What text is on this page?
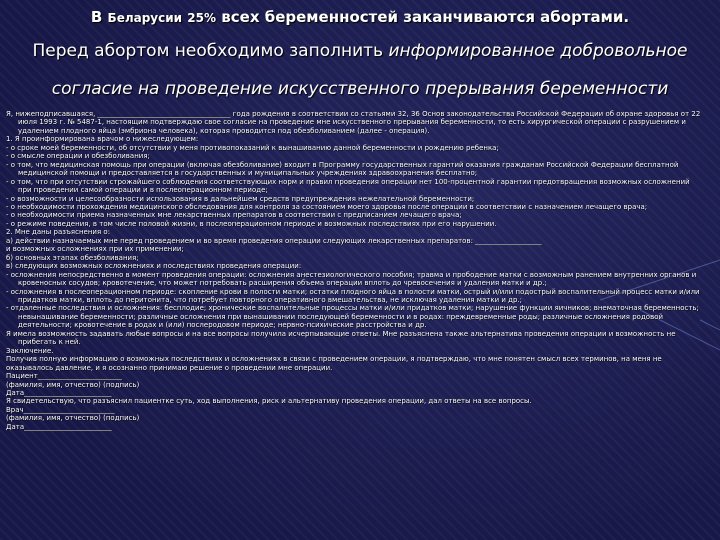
В Беларусии 25% всех беременностей заканчиваются абортами.
Перед абортом необходимо заполнить информированное добровольное согласие на проведение искусственного прерывания беременности

Я, нижеподписавшаяся, ______________________________________ года рождения в соответствии со статьями 32, 36 Основ законодательства Российской Федерации об охране здоровья от 22 июля 1993 г. № 5487-1, настоящим подтверждаю свое согласие на проведение мне искусственного прерывания беременности, то есть хирургической операции с разрушением и удалением плодного яйца (эмбриона человека), которая проводится под обезболиванием (далее - операция).

1. Я проинформирована врачом о нижеследующем:

- о сроке моей беременности, об отсутствии у меня противопоказаний к вынашиванию данной беременности и рождению ребенка;

- о смысле операции и обезболивания;

- о том, что медицинская помощь при операции (включая обезболивание) входит в Программу государственных гарантий оказания гражданам Российской Федерации бесплатной медицинской помощи и предоставляется в государственных и муниципальных учреждениях здравоохранения бесплатно;

- о том, что при отсутствии строжайшего соблюдения соответствующих норм и правил проведения операции нет 100-процентной гарантии предотвращения возможных осложнений при проведении самой операции и в послеоперационном периоде;

- о возможности и целесообразности использования в дальнейшем средств предупреждения нежелательной беременности;

- о необходимости прохождения медицинского обследования для контроля за состоянием моего здоровья после операции в соответствии с назначением лечащего врача;

- о необходимости приема назначенных мне лекарственных препаратов в соответствии с предписанием лечащего врача;

- о режиме поведения, в том числе половой жизни, в послеоперационном периоде и возможных последствиях при его нарушении.

2. Мне даны разъяснения о:

а) действии назначаемых мне перед проведением и во время проведения операции следующих лекарственных препаратов: ___________________

и возможных осложнениях при их применении;

б) основных этапах обезболивания;

в) следующих возможных осложнениях и последствиях проведения операции:

- осложнения непосредственно в момент проведения операции: осложнения анестезиологического пособия; травма и прободение матки с возможным ранением внутренних органов и кровеносных сосудов; кровотечение, что может потребовать расширения объема операции вплоть до чревосечения и удаления матки и др.;

- осложнения в послеоперационном периоде: скопление крови в полости матки; остатки плодного яйца в полости матки, острый и/или подострый воспалительный процесс матки и/или придатков матки, вплоть до перитонита, что потребует повторного оперативного вмешательства, не исключая удаления матки и др.;

- отдаленные последствия и осложнения: бесплодие; хронические воспалительные процессы матки и/или придатков матки; нарушение функции яичников; внематочная беременность; невынашивание беременности; различные осложнения при вынашивании последующей беременности и в родах: преждевременные роды; различные осложнения родовой деятельности; кровотечение в родах и (или) послеродовом периоде; нервно-психические расстройства и др.

Я имела возможность задавать любые вопросы и на все вопросы получила исчерпывающие ответы. Мне разъяснена также альтернатива проведения операции и возможность не прибегать к ней.

Заключение.

Получив полную информацию о возможных последствиях и осложнениях в связи с проведением операции, я подтверждаю, что мне понятен смысл всех терминов, на меня не оказывалось давление, и я осознанно принимаю решение о проведении мне операции.

Пациент________________________

(фамилия, имя, отчество) (подпись)

Дата_________________________

Я свидетельствую, что разъяснил пациентке суть, ход выполнения, риск и альтернативу проведения операции, дал ответы на все вопросы.

Врач__________________________

(фамилия, имя, отчество) (подпись)

Дата_________________________
